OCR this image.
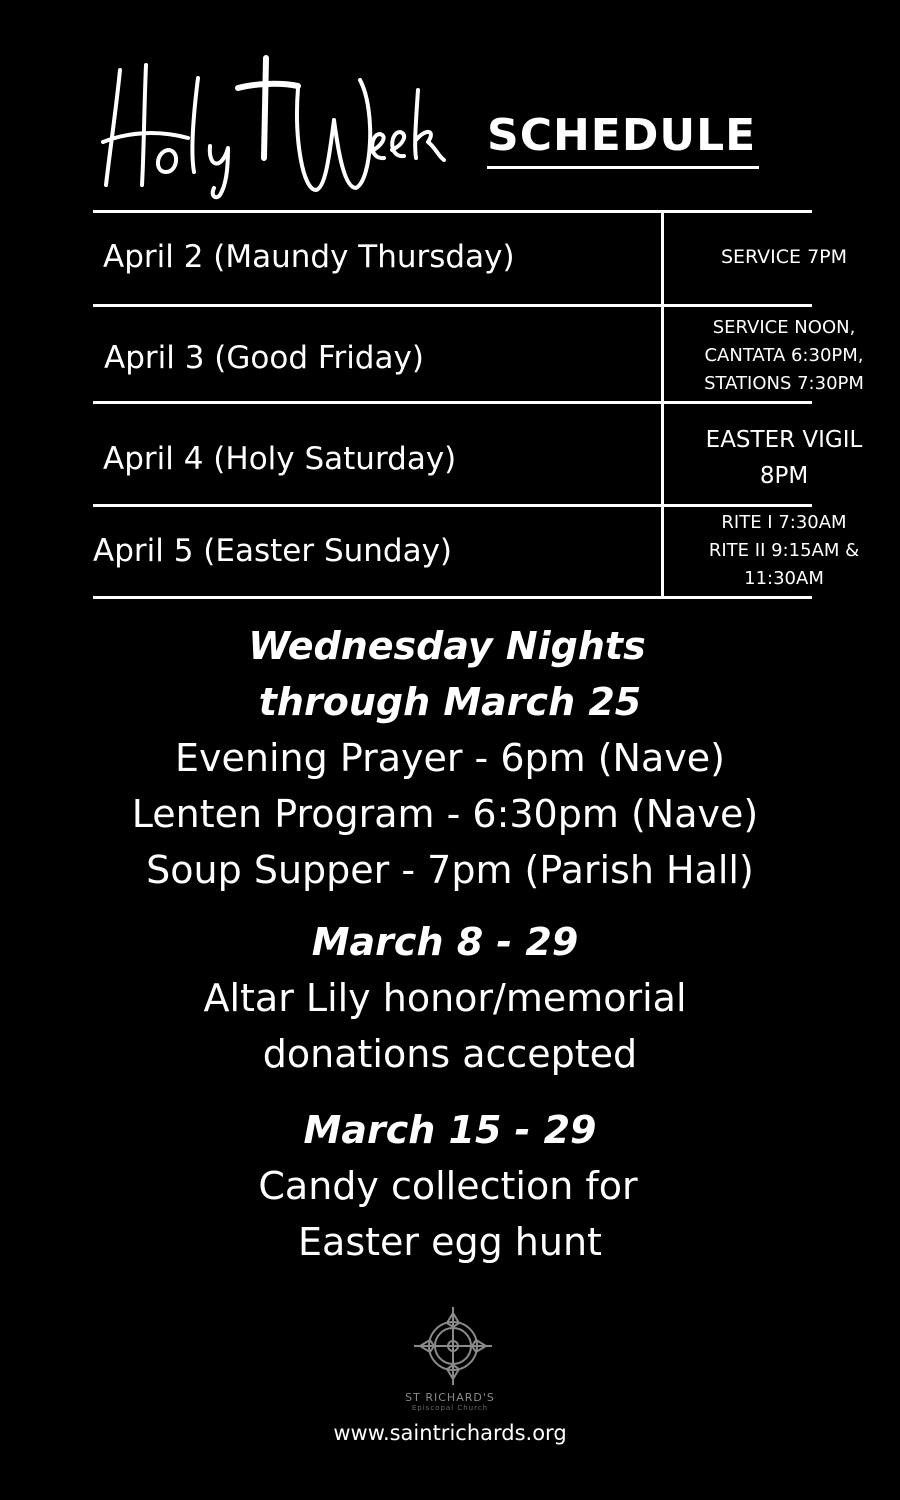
SCHEDULE
April 2 (Maundy Thursday)	SERVICE 7PM
April 3 (Good Friday)
SERVICE NOON,
CANTATA 6:30PM,
STATIONS 7:30PM
April 4 (Holy Saturday)
EASTER VIGIL
8PM
April 5 (Easter Sunday)
RITE I 7:30AM
RITE II 9:15AM &
11:30AM
Wednesday Nights
through March 25
Evening Prayer - 6pm (Nave)
Lenten Program - 6:30pm (Nave)
Soup Supper - 7pm (Parish Hall)
March 8 - 29
Altar Lily honor/memorial
donations accepted
March 15 - 29
Candy collection for
Easter egg hunt
ST RICHARD'S
Episcopal Church
www.saintrichards.org
